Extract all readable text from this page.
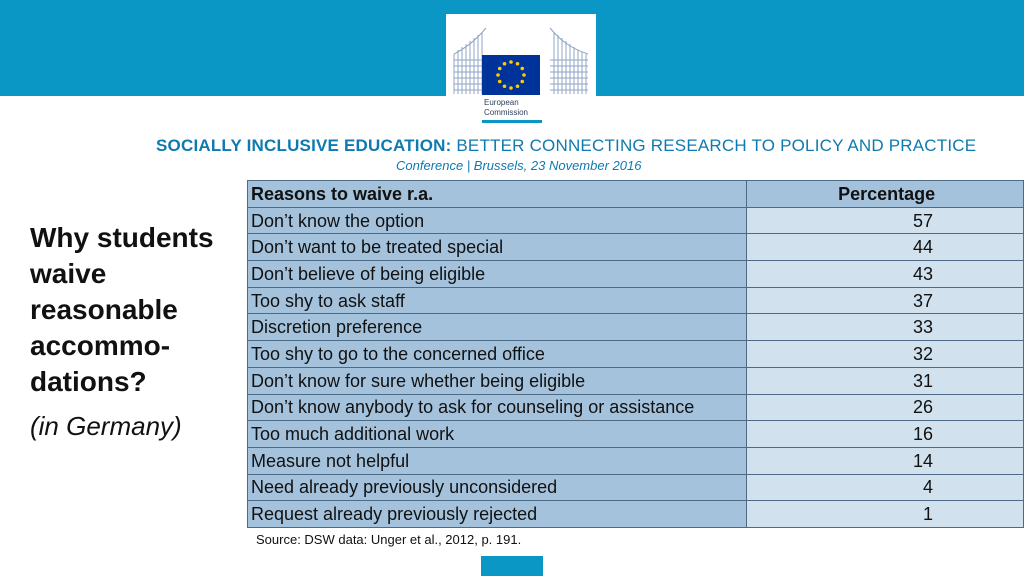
European
Commission
SOCIALLY INCLUSIVE EDUCATION: BETTER CONNECTING RESEARCH TO POLICY AND PRACTICE
Conference | Brussels, 23 November 2016
Why students waive reasonable accommo-dations?
(in Germany)
Reasons to waive r.a.	Percentage
Don’t know the option	57
Don’t want to be treated special	44
Don’t believe of being eligible	43
Too shy to ask staff	37
Discretion preference	33
Too shy to go to the concerned office	32
Don’t know for sure whether being eligible	31
Don’t know anybody to ask for counseling or assistance	26
Too much additional work	16
Measure not helpful	14
Need already previously unconsidered	4
Request already previously rejected	1
Source: DSW data: Unger et al., 2012, p. 191.
